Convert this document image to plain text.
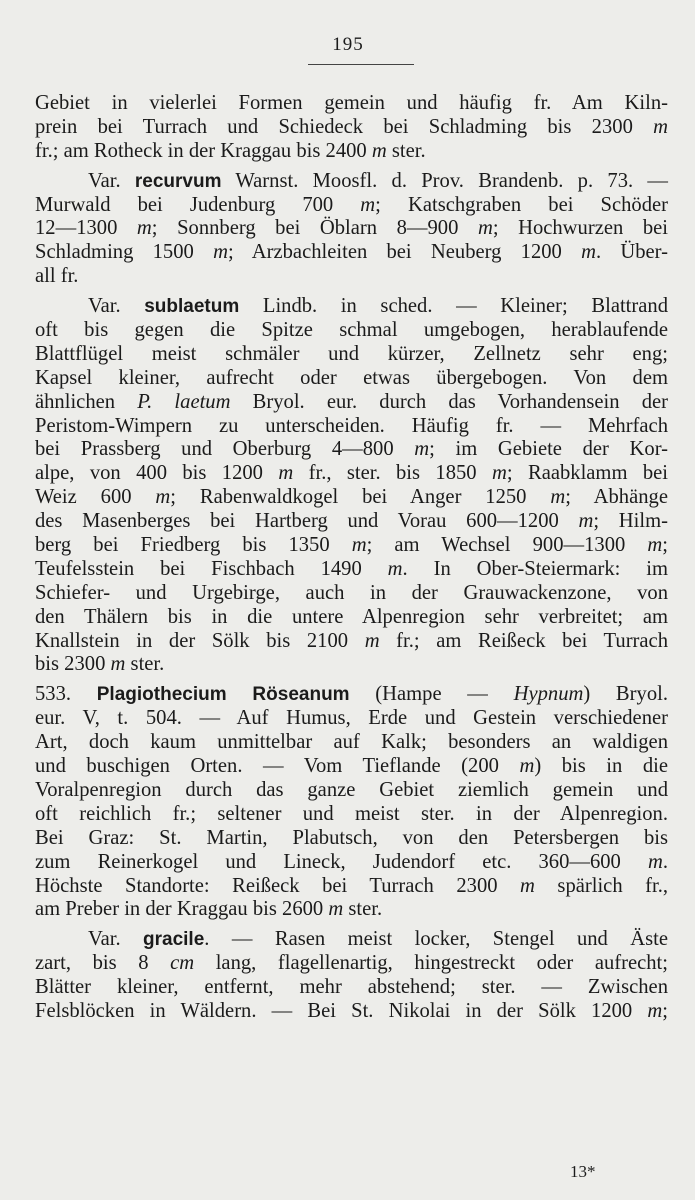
195
Gebiet in vielerlei Formen gemein und häufig fr. Am Kiln-
prein bei Turrach und Schiedeck bei Schladming bis 2300 m
fr.; am Rotheck in der Kraggau bis 2400 m ster.
Var. recurvum Warnst. Moosfl. d. Prov. Brandenb. p. 73. —
Murwald bei Judenburg 700 m; Katschgraben bei Schöder
12—1300 m; Sonnberg bei Öblarn 8—900 m; Hochwurzen bei
Schladming 1500 m; Arzbachleiten bei Neuberg 1200 m. Über-
all fr.
Var. sublaetum Lindb. in sched. — Kleiner; Blattrand
oft bis gegen die Spitze schmal umgebogen, herablaufende
Blattflügel meist schmäler und kürzer, Zellnetz sehr eng;
Kapsel kleiner, aufrecht oder etwas übergebogen. Von dem
ähnlichen P. laetum Bryol. eur. durch das Vorhandensein der
Peristom-Wimpern zu unterscheiden. Häufig fr. — Mehrfach
bei Prassberg und Oberburg 4—800 m; im Gebiete der Kor-
alpe, von 400 bis 1200 m fr., ster. bis 1850 m; Raabklamm bei
Weiz 600 m; Rabenwaldkogel bei Anger 1250 m; Abhänge
des Masenberges bei Hartberg und Vorau 600—1200 m; Hilm-
berg bei Friedberg bis 1350 m; am Wechsel 900—1300 m;
Teufelsstein bei Fischbach 1490 m. In Ober-Steiermark: im
Schiefer- und Urgebirge, auch in der Grauwackenzone, von
den Thälern bis in die untere Alpenregion sehr verbreitet; am
Knallstein in der Sölk bis 2100 m fr.; am Reißeck bei Turrach
bis 2300 m ster.
533. Plagiothecium Röseanum (Hampe — Hypnum) Bryol.
eur. V, t. 504. — Auf Humus, Erde und Gestein verschiedener
Art, doch kaum unmittelbar auf Kalk; besonders an waldigen
und buschigen Orten. — Vom Tieflande (200 m) bis in die
Voralpenregion durch das ganze Gebiet ziemlich gemein und
oft reichlich fr.; seltener und meist ster. in der Alpenregion.
Bei Graz: St. Martin, Plabutsch, von den Petersbergen bis
zum Reinerkogel und Lineck, Judendorf etc. 360—600 m.
Höchste Standorte: Reißeck bei Turrach 2300 m spärlich fr.,
am Preber in der Kraggau bis 2600 m ster.
Var. gracile. — Rasen meist locker, Stengel und Äste
zart, bis 8 cm lang, flagellenartig, hingestreckt oder aufrecht;
Blätter kleiner, entfernt, mehr abstehend; ster. — Zwischen
Felsblöcken in Wäldern. — Bei St. Nikolai in der Sölk 1200 m;
13*
